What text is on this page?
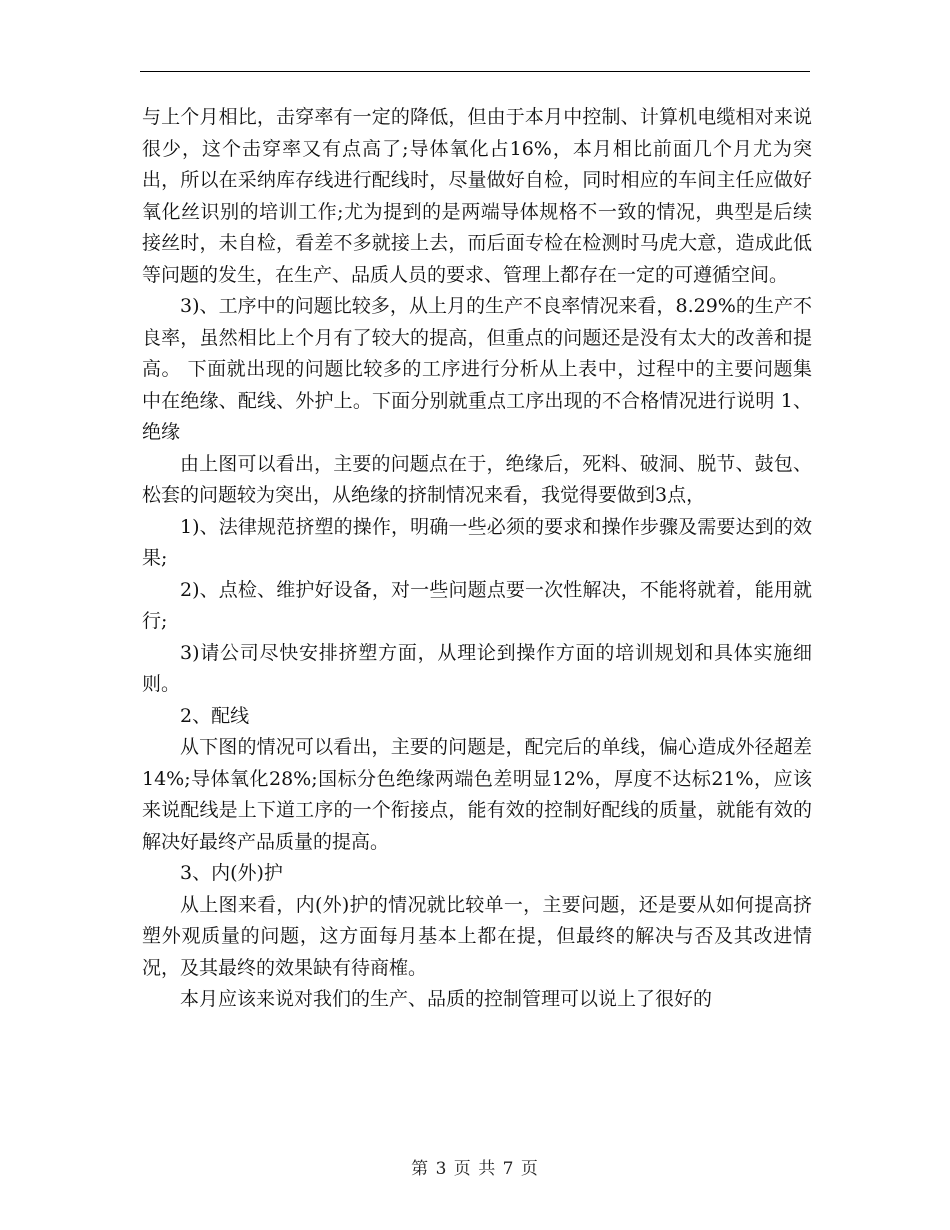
与上个月相比，击穿率有一定的降低，但由于本月中控制、计算机电缆相对来说很少，这个击穿率又有点高了;导体氧化占16%，本月相比前面几个月尤为突出，所以在采纳库存线进行配线时，尽量做好自检，同时相应的车间主任应做好氧化丝识别的培训工作;尤为提到的是两端导体规格不一致的情况，典型是后续接丝时，未自检，看差不多就接上去，而后面专检在检测时马虎大意，造成此低等问题的发生，在生产、品质人员的要求、管理上都存在一定的可遵循空间。

3)、工序中的问题比较多，从上月的生产不良率情况来看，8.29%的生产不良率，虽然相比上个月有了较大的提高，但重点的问题还是没有太大的改善和提高。 下面就出现的问题比较多的工序进行分析从上表中，过程中的主要问题集中在绝缘、配线、外护上。下面分别就重点工序出现的不合格情况进行说明 1、绝缘

由上图可以看出，主要的问题点在于，绝缘后，死料、破洞、脱节、鼓包、松套的问题较为突出，从绝缘的挤制情况来看，我觉得要做到3点，

1)、法律规范挤塑的操作，明确一些必须的要求和操作步骤及需要达到的效果;

2)、点检、维护好设备，对一些问题点要一次性解决，不能将就着，能用就行;

3)请公司尽快安排挤塑方面，从理论到操作方面的培训规划和具体实施细则。

2、配线

从下图的情况可以看出，主要的问题是，配完后的单线，偏心造成外径超差14%;导体氧化28%;国标分色绝缘两端色差明显12%，厚度不达标21%，应该来说配线是上下道工序的一个衔接点，能有效的控制好配线的质量，就能有效的解决好最终产品质量的提高。

3、内(外)护

从上图来看，内(外)护的情况就比较单一，主要问题，还是要从如何提高挤塑外观质量的问题，这方面每月基本上都在提，但最终的解决与否及其改进情况，及其最终的效果缺有待商榷。

本月应该来说对我们的生产、品质的控制管理可以说上了很好的

第 3 页 共 7 页
